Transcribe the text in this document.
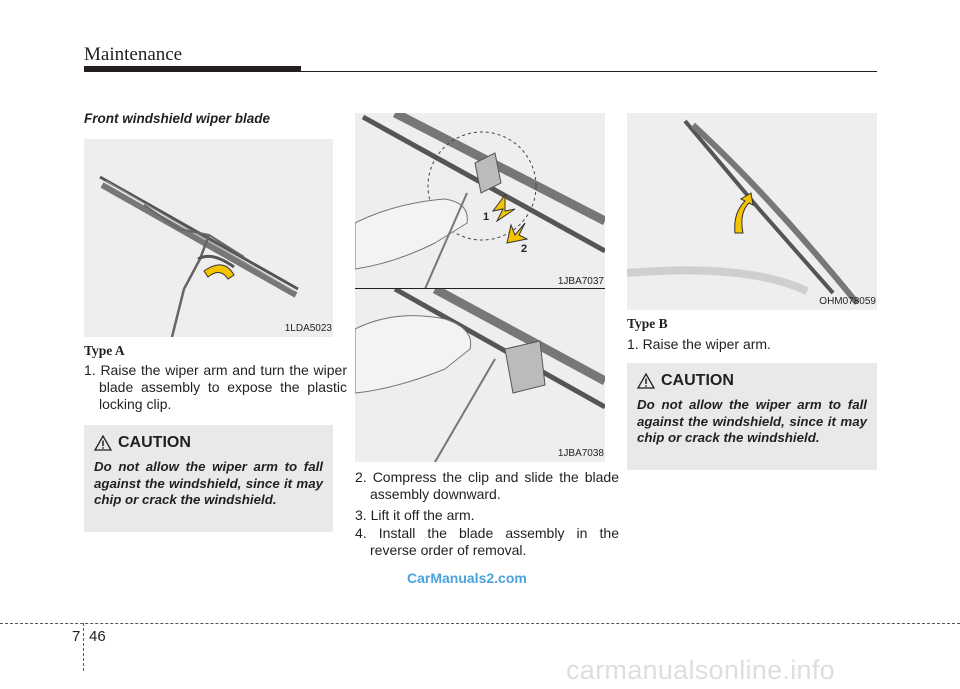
Maintenance
Front windshield wiper blade
1LDA5023
Type A
1. Raise the wiper arm and turn the wiper blade assembly to expose the plastic locking clip.
CAUTION
Do not allow the wiper arm to fall against the windshield, since it may chip or crack the windshield.
1
2
1JBA7037
1JBA7038
2. Compress the clip and slide the blade assembly downward.
3. Lift it off the arm.
4. Install the blade assembly in the reverse order of removal.
OHM078059
Type B
1. Raise the wiper arm.
CAUTION
Do not allow the wiper arm to fall against the windshield, since it may chip or crack the windshield.
CarManuals2.com
carmanualsonline.info
7 46
